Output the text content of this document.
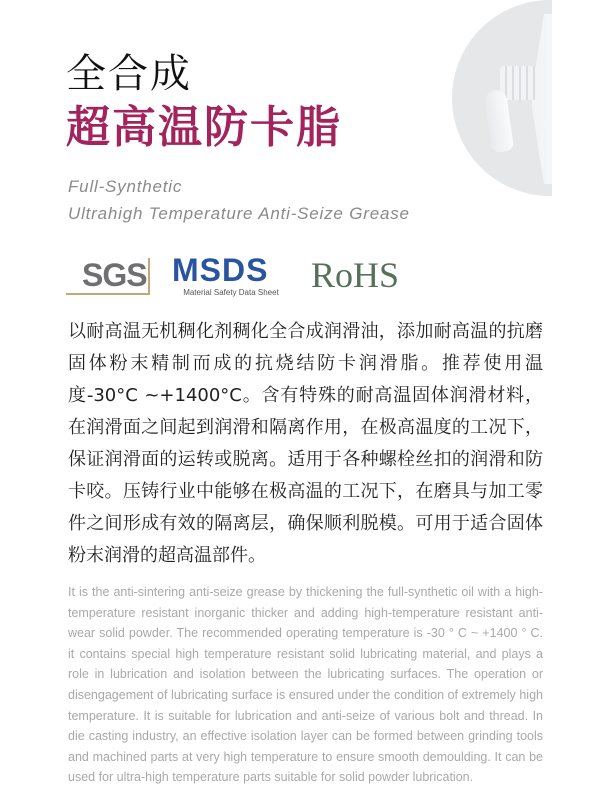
全合成
超高温防卡脂
Full-Synthetic
Ultrahigh Temperature Anti-Seize Grease
SGS MSDS
Material Safety Data Sheet RoHS
以耐高温无机稠化剂稠化全合成润滑油，添加耐高温的抗磨固体粉末精制而成的抗烧结防卡润滑脂。推荐使用温度-30°C ~+1400°C。含有特殊的耐高温固体润滑材料，在润滑面之间起到润滑和隔离作用，在极高温度的工况下，保证润滑面的运转或脱离。适用于各种螺栓丝扣的润滑和防卡咬。压铸行业中能够在极高温的工况下，在磨具与加工零件之间形成有效的隔离层，确保顺利脱模。可用于适合固体粉末润滑的超高温部件。
It is the anti-sintering anti-seize grease by thickening the full-synthetic oil with a high-temperature resistant inorganic thicker and adding high-temperature resistant anti-wear solid powder. The recommended operating temperature is -30 ° C ~ +1400 ° C. it contains special high temperature resistant solid lubricating material, and plays a role in lubrication and isolation between the lubricating surfaces. The operation or disengagement of lubricating surface is ensured under the condition of extremely high temperature. It is suitable for lubrication and anti-seize of various bolt and thread. In die casting industry, an effective isolation layer can be formed between grinding tools and machined parts at very high temperature to ensure smooth demoulding. It can be used for ultra-high temperature parts suitable for solid powder lubrication.
